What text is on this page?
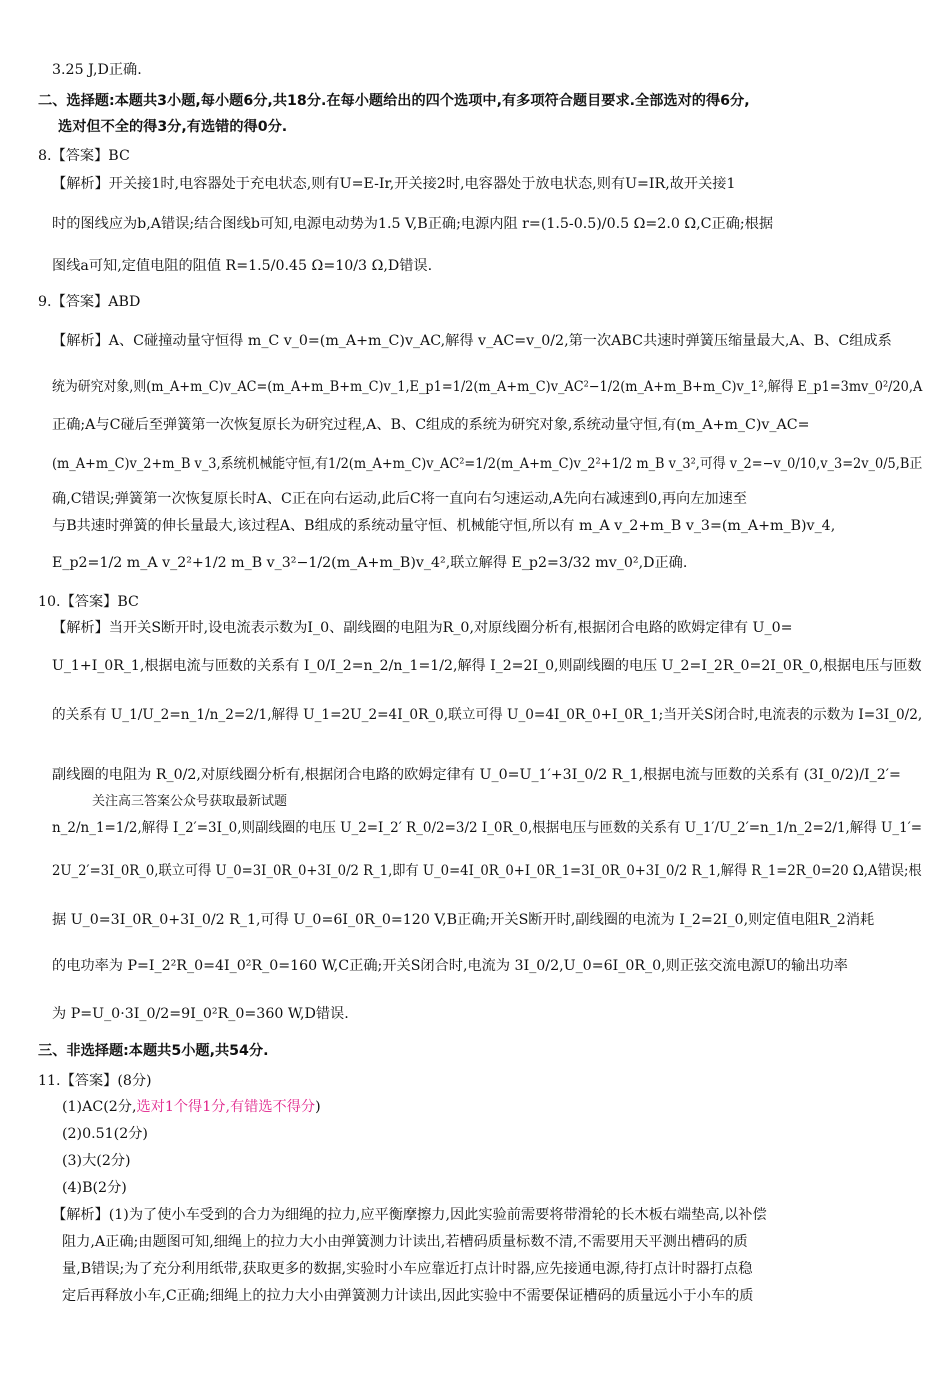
3.25 J,D正确.
二、选择题:本题共3小题,每小题6分,共18分.在每小题给出的四个选项中,有多项符合题目要求.全部选对的得6分,
选对但不全的得3分,有选错的得0分.
8.【答案】BC
【解析】开关接1时,电容器处于充电状态,则有U=E-Ir,开关接2时,电容器处于放电状态,则有U=IR,故开关接1
时的图线应为b,A错误;结合图线b可知,电源电动势为1.5 V,B正确;电源内阻 r=(1.5-0.5)/0.5 Ω=2.0 Ω,C正确;根据
图线a可知,定值电阻的阻值 R=1.5/0.45 Ω=10/3 Ω,D错误.
9.【答案】ABD
【解析】A、C碰撞动量守恒得 m_C v_0=(m_A+m_C)v_AC,解得 v_AC=v_0/2,第一次ABC共速时弹簧压缩量最大,A、B、C组成系
统为研究对象,则(m_A+m_C)v_AC=(m_A+m_B+m_C)v_1,E_p1=1/2(m_A+m_C)v_AC²−1/2(m_A+m_B+m_C)v_1²,解得 E_p1=3mv_0²/20,A
正确;A与C碰后至弹簧第一次恢复原长为研究过程,A、B、C组成的系统为研究对象,系统动量守恒,有(m_A+m_C)v_AC=
(m_A+m_C)v_2+m_B v_3,系统机械能守恒,有1/2(m_A+m_C)v_AC²=1/2(m_A+m_C)v_2²+1/2 m_B v_3²,可得 v_2=−v_0/10,v_3=2v_0/5,B正
确,C错误;弹簧第一次恢复原长时A、C正在向右运动,此后C将一直向右匀速运动,A先向右减速到0,再向左加速至
与B共速时弹簧的伸长量最大,该过程A、B组成的系统动量守恒、机械能守恒,所以有 m_A v_2+m_B v_3=(m_A+m_B)v_4,
E_p2=1/2 m_A v_2²+1/2 m_B v_3²−1/2(m_A+m_B)v_4²,联立解得 E_p2=3/32 mv_0²,D正确.
10.【答案】BC
【解析】当开关S断开时,设电流表示数为I_0、副线圈的电阻为R_0,对原线圈分析有,根据闭合电路的欧姆定律有 U_0=
U_1+I_0R_1,根据电流与匝数的关系有 I_0/I_2=n_2/n_1=1/2,解得 I_2=2I_0,则副线圈的电压 U_2=I_2R_0=2I_0R_0,根据电压与匝数
的关系有 U_1/U_2=n_1/n_2=2/1,解得 U_1=2U_2=4I_0R_0,联立可得 U_0=4I_0R_0+I_0R_1;当开关S闭合时,电流表的示数为 I=3I_0/2,
副线圈的电阻为 R_0/2,对原线圈分析有,根据闭合电路的欧姆定律有 U_0=U_1′+3I_0/2 R_1,根据电流与匝数的关系有 (3I_0/2)/I_2′=
关注高三答案公众号获取最新试题
n_2/n_1=1/2,解得 I_2′=3I_0,则副线圈的电压 U_2=I_2′ R_0/2=3/2 I_0R_0,根据电压与匝数的关系有 U_1′/U_2′=n_1/n_2=2/1,解得 U_1′=
2U_2′=3I_0R_0,联立可得 U_0=3I_0R_0+3I_0/2 R_1,即有 U_0=4I_0R_0+I_0R_1=3I_0R_0+3I_0/2 R_1,解得 R_1=2R_0=20 Ω,A错误;根
据 U_0=3I_0R_0+3I_0/2 R_1,可得 U_0=6I_0R_0=120 V,B正确;开关S断开时,副线圈的电流为 I_2=2I_0,则定值电阻R_2消耗
的电功率为 P=I_2²R_0=4I_0²R_0=160 W,C正确;开关S闭合时,电流为 3I_0/2,U_0=6I_0R_0,则正弦交流电源U的输出功率
为 P=U_0·3I_0/2=9I_0²R_0=360 W,D错误.
三、非选择题:本题共5小题,共54分.
11.【答案】(8分)
(1)AC(2分,选对1个得1分,有错选不得分)
(2)0.51(2分)
(3)大(2分)
(4)B(2分)
【解析】(1)为了使小车受到的合力为细绳的拉力,应平衡摩擦力,因此实验前需要将带滑轮的长木板右端垫高,以补偿
阻力,A正确;由题图可知,细绳上的拉力大小由弹簧测力计读出,若槽码质量标数不清,不需要用天平测出槽码的质
量,B错误;为了充分利用纸带,获取更多的数据,实验时小车应靠近打点计时器,应先接通电源,待打点计时器打点稳
定后再释放小车,C正确;细绳上的拉力大小由弹簧测力计读出,因此实验中不需要保证槽码的质量远小于小车的质
